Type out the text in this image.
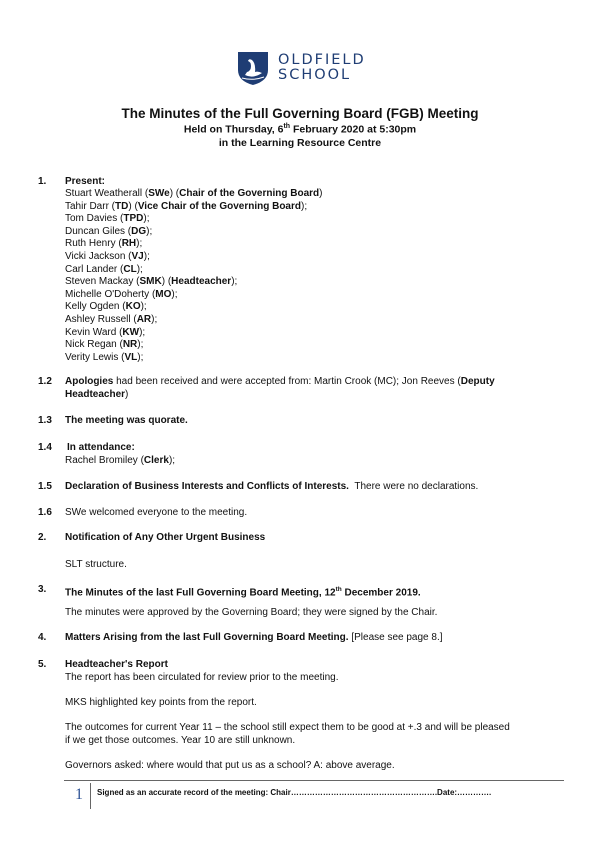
OLDFIELD
SCHOOL
The Minutes of the Full Governing Board (FGB) Meeting
Held on Thursday, 6th February 2020 at 5:30pm
in the Learning Resource Centre
1. Present:
Stuart Weatherall (SWe) (Chair of the Governing Board)
Tahir Darr (TD) (Vice Chair of the Governing Board);
Tom Davies (TPD);
Duncan Giles (DG);
Ruth Henry (RH);
Vicki Jackson (VJ);
Carl Lander (CL);
Steven Mackay (SMK) (Headteacher);
Michelle O'Doherty (MO);
Kelly Ogden (KO);
Ashley Russell (AR);
Kevin Ward (KW);
Nick Regan (NR);
Verity Lewis (VL);
1.2 Apologies had been received and were accepted from: Martin Crook (MC); Jon Reeves (Deputy
Headteacher)
1.3 The meeting was quorate.
1.4 In attendance:
Rachel Bromiley (Clerk);
1.5 Declaration of Business Interests and Conflicts of Interests.  There were no declarations.
1.6 SWe welcomed everyone to the meeting.
2. Notification of Any Other Urgent Business
SLT structure.
3. The Minutes of the last Full Governing Board Meeting, 12th December 2019.
The minutes were approved by the Governing Board; they were signed by the Chair.
4. Matters Arising from the last Full Governing Board Meeting. [Please see page 8.]
5. Headteacher's Report
The report has been circulated for review prior to the meeting.
MKS highlighted key points from the report.
The outcomes for current Year 11 – the school still expect them to be good at +.3 and will be pleased
if we get those outcomes. Year 10 are still unknown.
Governors asked: where would that put us as a school? A: above average.
1 Signed as an accurate record of the meeting: Chair……………………………………………….Date:………….
